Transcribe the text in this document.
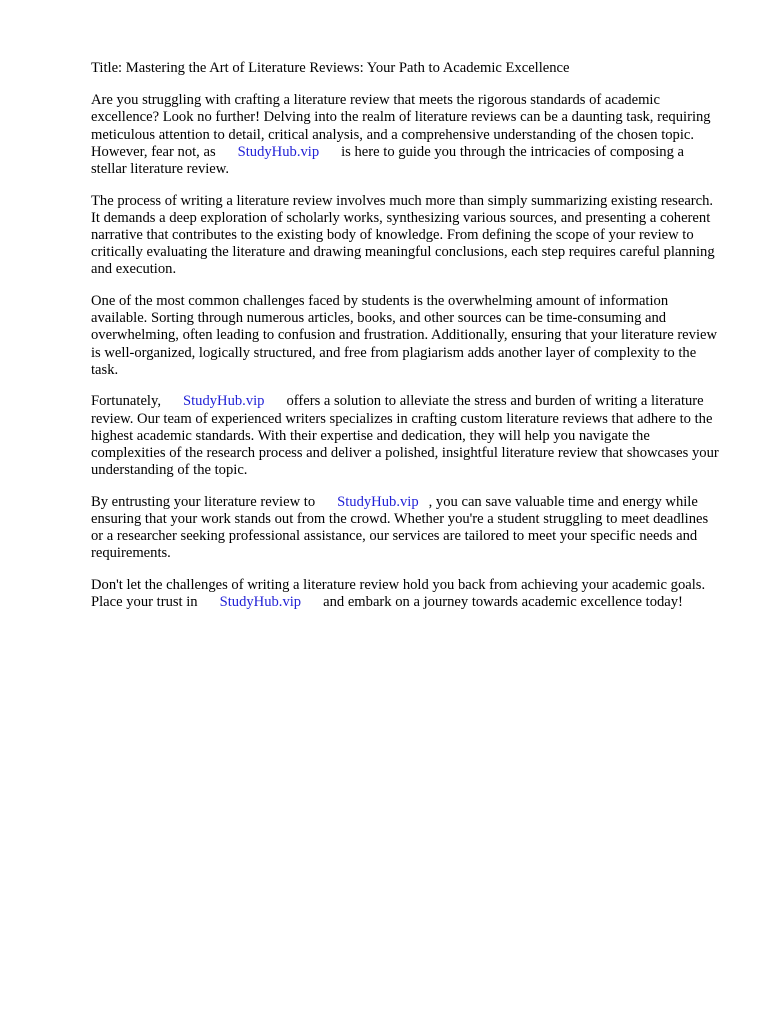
Title: Mastering the Art of Literature Reviews: Your Path to Academic Excellence

Are you struggling with crafting a literature review that meets the rigorous standards of academic excellence? Look no further! Delving into the realm of literature reviews can be a daunting task, requiring meticulous attention to detail, critical analysis, and a comprehensive understanding of the chosen topic. However, fear not, as StudyHub.vip is here to guide you through the intricacies of composing a stellar literature review.

The process of writing a literature review involves much more than simply summarizing existing research. It demands a deep exploration of scholarly works, synthesizing various sources, and presenting a coherent narrative that contributes to the existing body of knowledge. From defining the scope of your review to critically evaluating the literature and drawing meaningful conclusions, each step requires careful planning and execution.

One of the most common challenges faced by students is the overwhelming amount of information available. Sorting through numerous articles, books, and other sources can be time-consuming and overwhelming, often leading to confusion and frustration. Additionally, ensuring that your literature review is well-organized, logically structured, and free from plagiarism adds another layer of complexity to the task.

Fortunately, StudyHub.vip offers a solution to alleviate the stress and burden of writing a literature review. Our team of experienced writers specializes in crafting custom literature reviews that adhere to the highest academic standards. With their expertise and dedication, they will help you navigate the complexities of the research process and deliver a polished, insightful literature review that showcases your understanding of the topic.

By entrusting your literature review to StudyHub.vip , you can save valuable time and energy while ensuring that your work stands out from the crowd. Whether you're a student struggling to meet deadlines or a researcher seeking professional assistance, our services are tailored to meet your specific needs and requirements.

Don't let the challenges of writing a literature review hold you back from achieving your academic goals. Place your trust in StudyHub.vip and embark on a journey towards academic excellence today!
